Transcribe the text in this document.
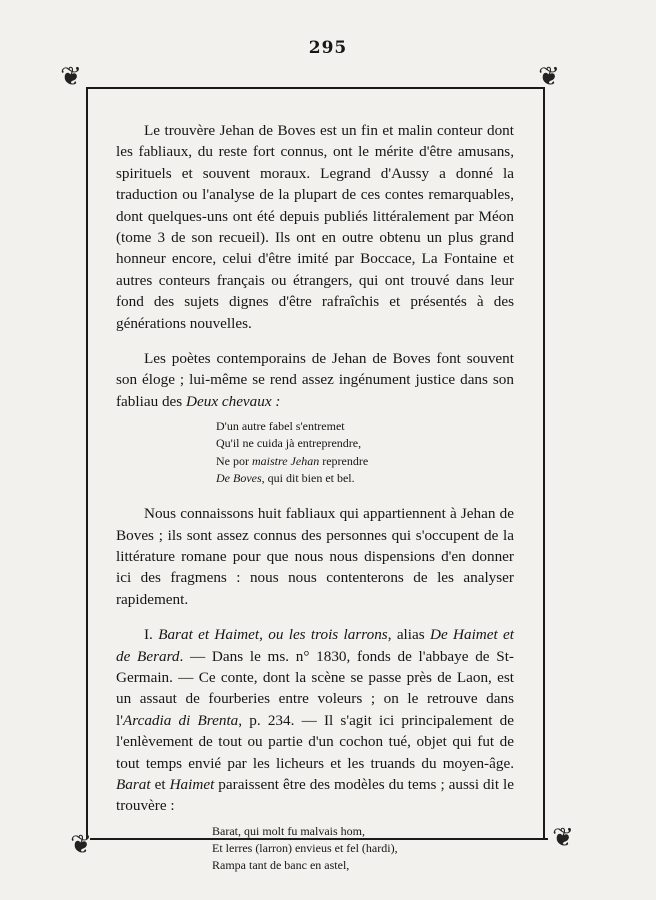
295
❦	❦
❦	❦

Le trouvère Jehan de Boves est un fin et malin conteur dont les fabliaux, du reste fort connus, ont le mérite d'être amusans, spirituels et souvent moraux. Legrand d'Aussy a donné la traduction ou l'analyse de la plupart de ces contes remarquables, dont quelques-uns ont été depuis publiés littéralement par Méon (tome 3 de son recueil). Ils ont en outre obtenu un plus grand honneur encore, celui d'être imité par Boccace, La Fontaine et autres conteurs français ou étrangers, qui ont trouvé dans leur fond des sujets dignes d'être rafraîchis et présentés à des générations nouvelles.

Les poètes contemporains de Jehan de Boves font souvent son éloge ; lui-même se rend assez ingénument justice dans son fabliau des Deux chevaux :

D'un autre fabel s'entremet
Qu'il ne cuida jà entreprendre,
Ne por maistre Jehan reprendre
De Boves, qui dit bien et bel.

Nous connaissons huit fabliaux qui appartiennent à Jehan de Boves ; ils sont assez connus des personnes qui s'occupent de la littérature romane pour que nous nous dispensions d'en donner ici des fragmens : nous nous contenterons de les analyser rapidement.

I. Barat et Haimet, ou les trois larrons, alias De Haimet et de Berard. — Dans le ms. n° 1830, fonds de l'abbaye de St-Germain. — Ce conte, dont la scène se passe près de Laon, est un assaut de fourberies entre voleurs ; on le retrouve dans l'Arcadia di Brenta, p. 234. — Il s'agit ici principalement de l'enlèvement de tout ou partie d'un cochon tué, objet qui fut de tout temps envié par les licheurs et les truands du moyen-âge. Barat et Haimet paraissent être des modèles du tems ; aussi dit le trouvère :

Barat, qui molt fu malvais hom,
Et lerres (larron) envieus et fel (hardi),
Rampa tant de banc en astel,
